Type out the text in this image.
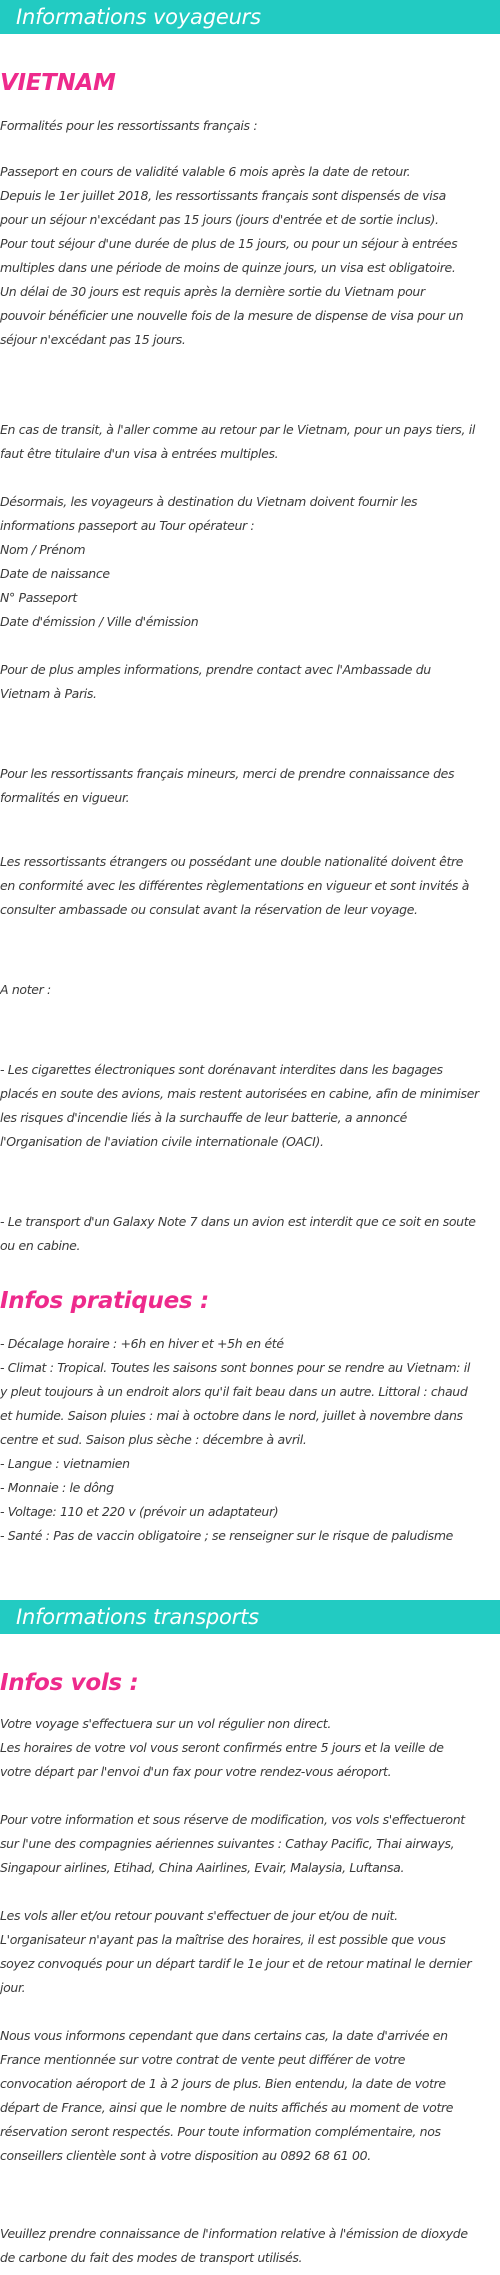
Informations voyageurs
VIETNAM
Formalités pour les ressortissants français :
Passeport en cours de validité valable 6 mois après la date de retour.
Depuis le 1er juillet 2018, les ressortissants français sont dispensés de visa
pour un séjour n'excédant pas 15 jours (jours d'entrée et de sortie inclus).
Pour tout séjour d'une durée de plus de 15 jours, ou pour un séjour à entrées
multiples dans une période de moins de quinze jours, un visa est obligatoire.
Un délai de 30 jours est requis après la dernière sortie du Vietnam pour
pouvoir bénéficier une nouvelle fois de la mesure de dispense de visa pour un
séjour n'excédant pas 15 jours.
En cas de transit, à l'aller comme au retour par le Vietnam, pour un pays tiers, il
faut être titulaire d'un visa à entrées multiples.
Désormais, les voyageurs à destination du Vietnam doivent fournir les
informations passeport au Tour opérateur :
Nom / Prénom
Date de naissance
N° Passeport
Date d'émission / Ville d'émission
Pour de plus amples informations, prendre contact avec l'Ambassade du
Vietnam à Paris.
Pour les ressortissants français mineurs, merci de prendre connaissance des
formalités en vigueur.
Les ressortissants étrangers ou possédant une double nationalité doivent être
en conformité avec les différentes règlementations en vigueur et sont invités à
consulter ambassade ou consulat avant la réservation de leur voyage.
A noter :
- Les cigarettes électroniques sont dorénavant interdites dans les bagages
placés en soute des avions, mais restent autorisées en cabine, afin de minimiser
les risques d'incendie liés à la surchauffe de leur batterie, a annoncé
l'Organisation de l'aviation civile internationale (OACI).
- Le transport d'un Galaxy Note 7 dans un avion est interdit que ce soit en soute
ou en cabine.
Infos pratiques :
- Décalage horaire : +6h en hiver et +5h en été
- Climat : Tropical. Toutes les saisons sont bonnes pour se rendre au Vietnam: il
y pleut toujours à un endroit alors qu'il fait beau dans un autre. Littoral : chaud
et humide. Saison pluies : mai à octobre dans le nord, juillet à novembre dans
centre et sud. Saison plus sèche : décembre à avril.
- Langue : vietnamien
- Monnaie : le dông
- Voltage: 110 et 220 v (prévoir un adaptateur)
- Santé : Pas de vaccin obligatoire ; se renseigner sur le risque de paludisme
Informations transports
Infos vols :
Votre voyage s'effectuera sur un vol régulier non direct.
Les horaires de votre vol vous seront confirmés entre 5 jours et la veille de
votre départ par l'envoi d'un fax pour votre rendez-vous aéroport.
Pour votre information et sous réserve de modification, vos vols s'effectueront
sur l'une des compagnies aériennes suivantes : Cathay Pacific, Thai airways,
Singapour airlines, Etihad, China Aairlines, Evair, Malaysia, Luftansa.
Les vols aller et/ou retour pouvant s'effectuer de jour et/ou de nuit.
L'organisateur n'ayant pas la maîtrise des horaires, il est possible que vous
soyez convoqués pour un départ tardif le 1e jour et de retour matinal le dernier
jour.
Nous vous informons cependant que dans certains cas, la date d'arrivée en
France mentionnée sur votre contrat de vente peut différer de votre
convocation aéroport de 1 à 2 jours de plus. Bien entendu, la date de votre
départ de France, ainsi que le nombre de nuits affichés au moment de votre
réservation seront respectés. Pour toute information complémentaire, nos
conseillers clientèle sont à votre disposition au 0892 68 61 00.
Veuillez prendre connaissance de l'information relative à l'émission de dioxyde
de carbone du fait des modes de transport utilisés.
